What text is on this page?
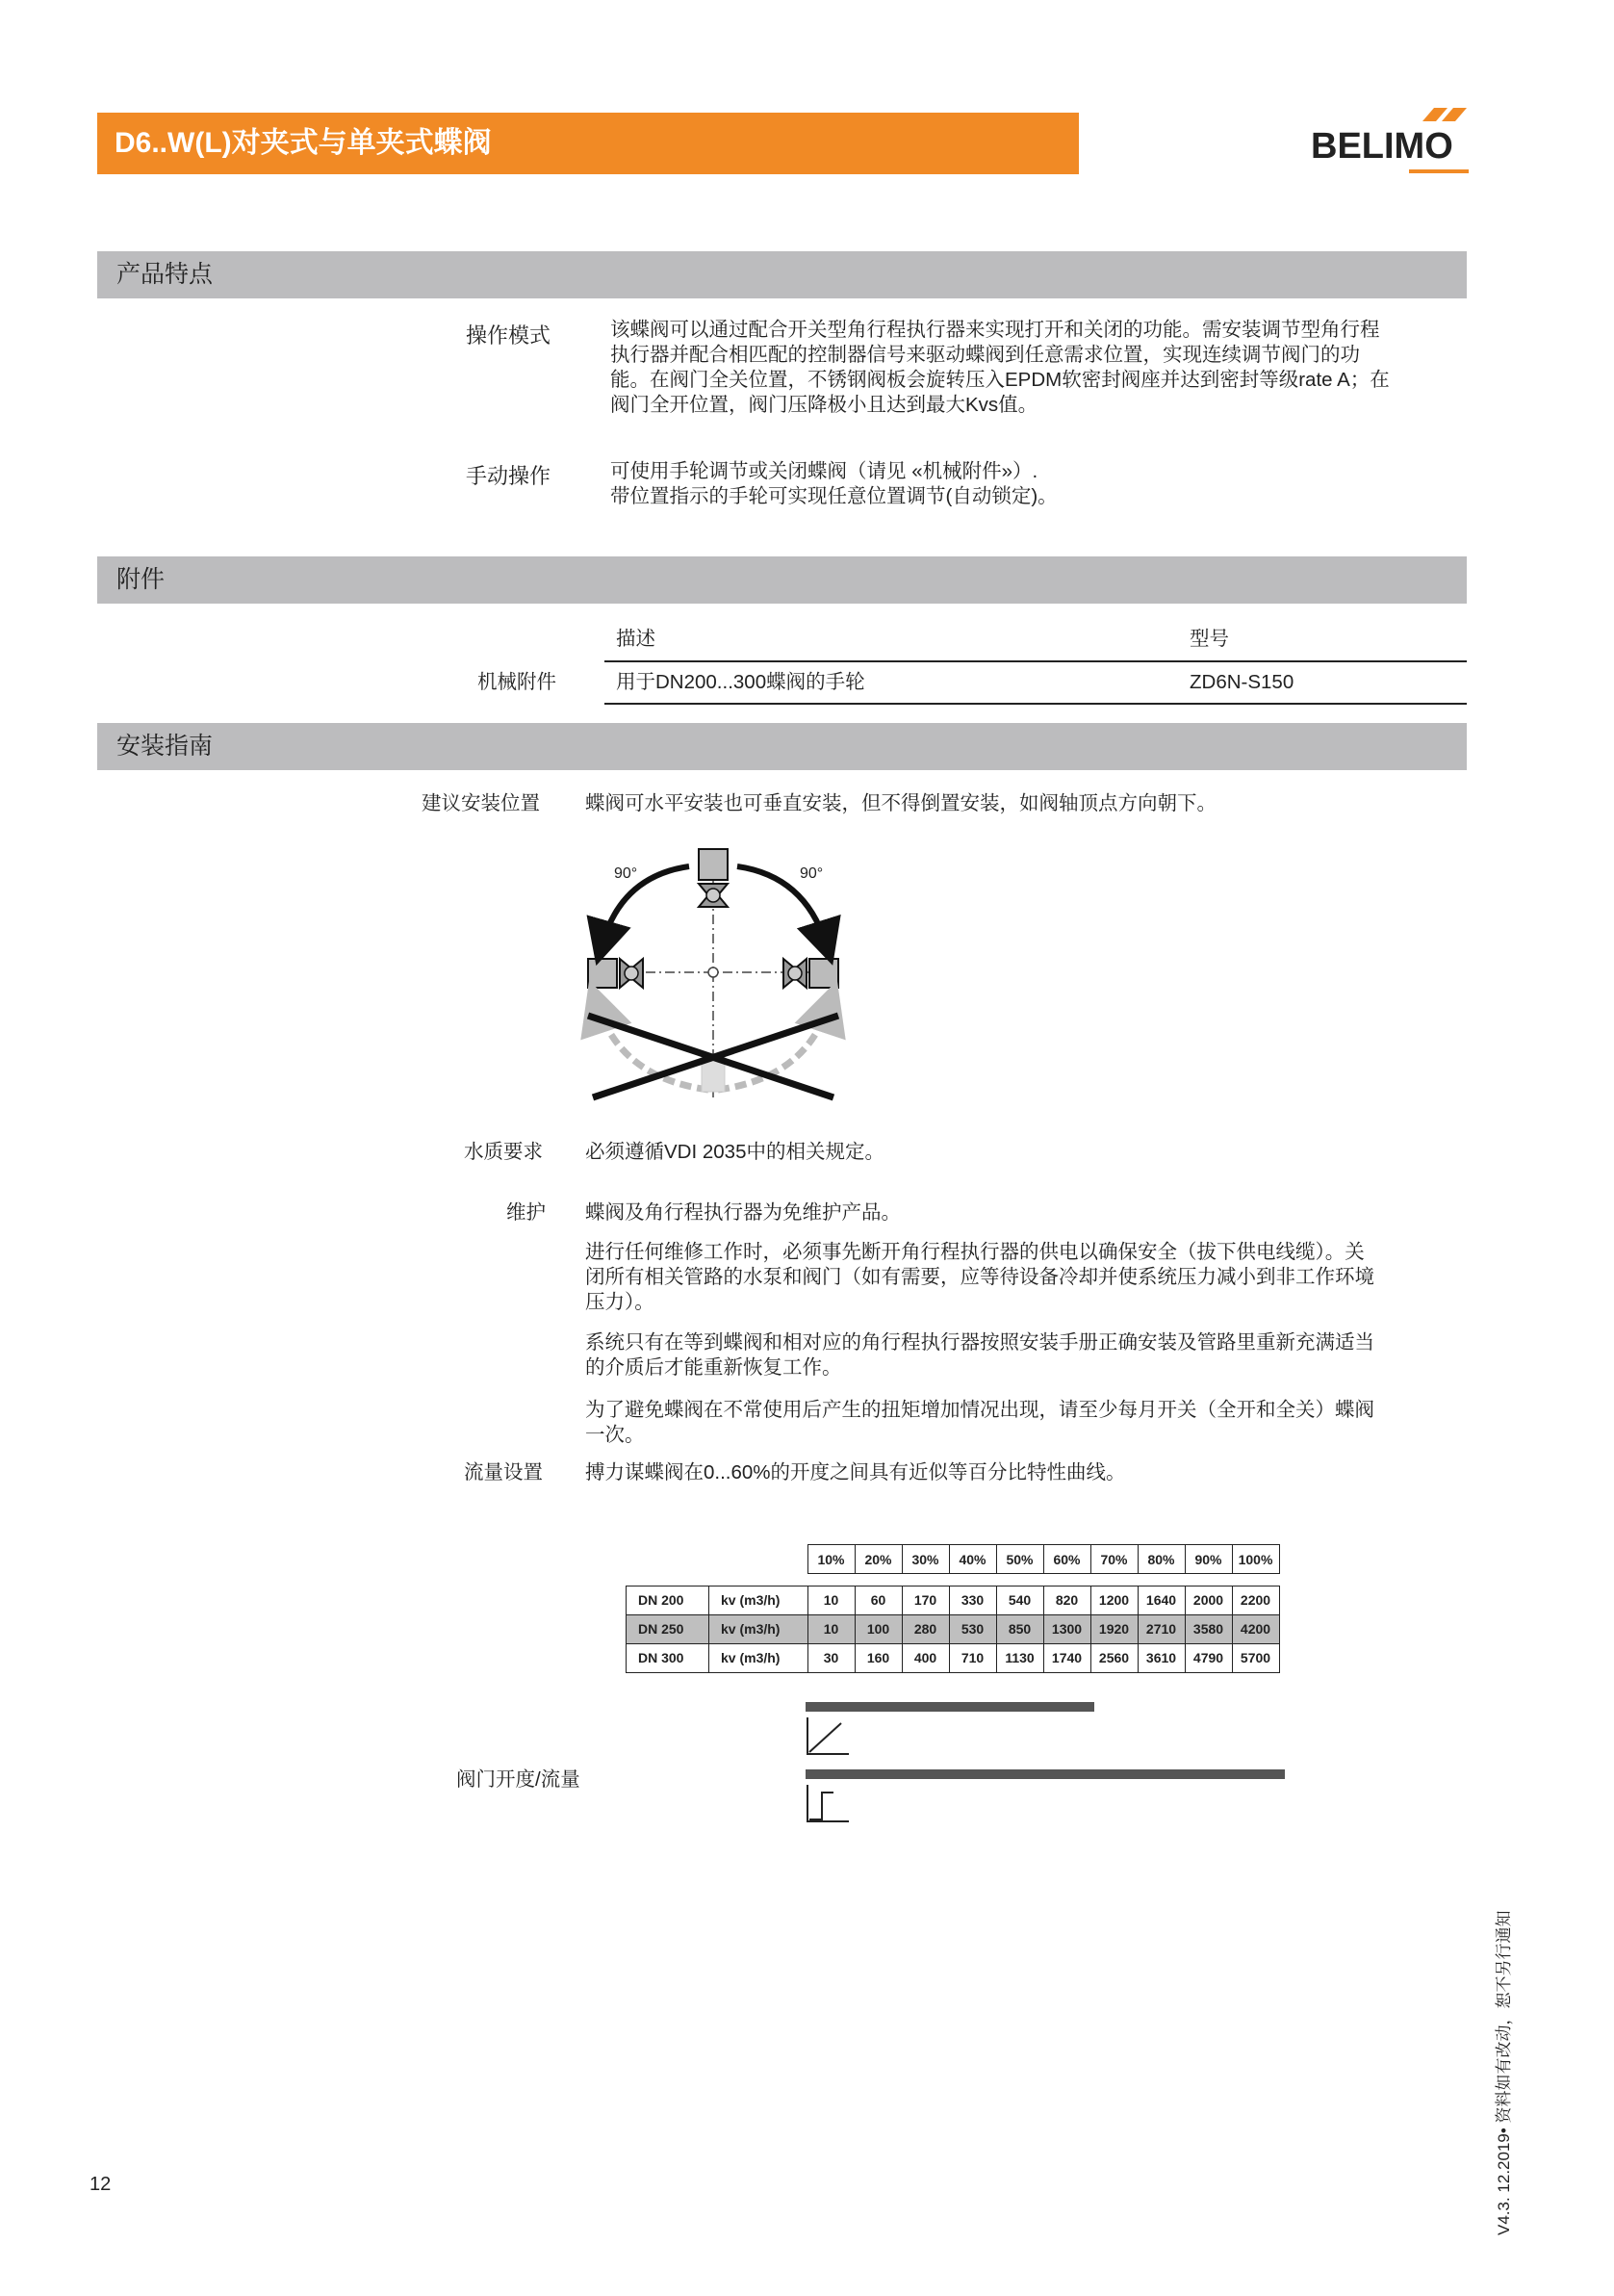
D6..W(L)对夹式与单夹式蝶阀	BELIMO
产品特点
操作模式	该蝶阀可以通过配合开关型角行程执行器来实现打开和关闭的功能。需安装调节型角行程
执行器并配合相匹配的控制器信号来驱动蝶阀到任意需求位置，实现连续调节阀门的功
能。在阀门全关位置，不锈钢阀板会旋转压入EPDM软密封阀座并达到密封等级rate A；在
阀门全开位置，阀门压降极小且达到最大Kvs值。
手动操作	可使用手轮调节或关闭蝶阀（请见 «机械附件»）.
带位置指示的手轮可实现任意位置调节(自动锁定)。
附件
描述	型号
机械附件	用于DN200...300蝶阀的手轮	ZD6N-S150
安装指南
建议安装位置 蝶阀可水平安装也可垂直安装，但不得倒置安装，如阀轴顶点方向朝下。
90°	90°
水质要求 必须遵循VDI 2035中的相关规定。
维护 蝶阀及角行程执行器为免维护产品。
进行任何维修工作时，必须事先断开角行程执行器的供电以确保安全（拔下供电线缆）。关
闭所有相关管路的水泵和阀门（如有需要，应等待设备冷却并使系统压力减小到非工作环境
压力）。
系统只有在等到蝶阀和相对应的角行程执行器按照安装手册正确安装及管路里重新充满适当
的介质后才能重新恢复工作。
为了避免蝶阀在不常使用后产生的扭矩增加情况出现，请至少每月开关（全开和全关）蝶阀
一次。
流量设置 搏力谋蝶阀在0...60%的开度之间具有近似等百分比特性曲线。
		10%	20%	30%	40%	50%	60%	70%	80%	90%	100%

DN 200	kv (m3/h)	10	60	170	330	540	820	1200	1640	2000	2200
DN 250	kv (m3/h)	10	100	280	530	850	1300	1920	2710	3580	4200
DN 300	kv (m3/h)	30	160	400	710	1130	1740	2560	3610	4790	5700
阀门开度/流量
12	V4.3. 12.2019• 资料如有改动，恕不另行通知
